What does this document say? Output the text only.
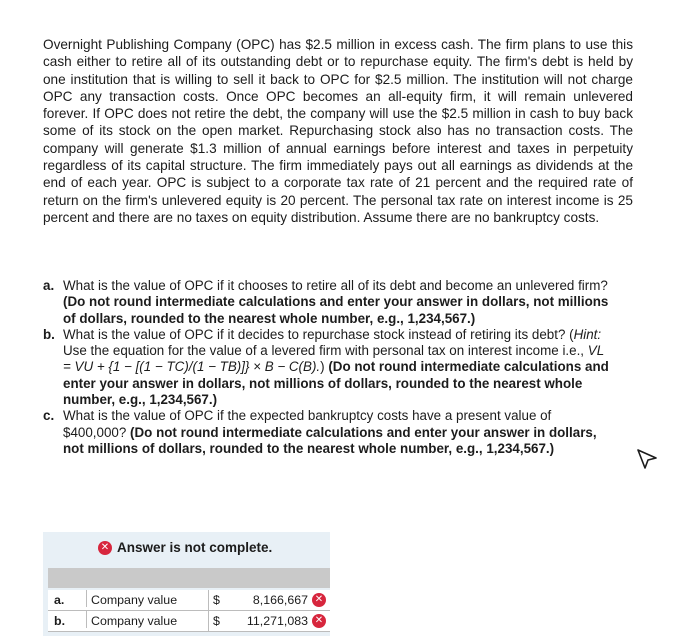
Overnight Publishing Company (OPC) has $2.5 million in excess cash. The firm plans to use this cash either to retire all of its outstanding debt or to repurchase equity. The firm's debt is held by one institution that is willing to sell it back to OPC for $2.5 million. The institution will not charge OPC any transaction costs. Once OPC becomes an all-equity firm, it will remain unlevered forever. If OPC does not retire the debt, the company will use the $2.5 million in cash to buy back some of its stock on the open market. Repurchasing stock also has no transaction costs. The company will generate $1.3 million of annual earnings before interest and taxes in perpetuity regardless of its capital structure. The firm immediately pays out all earnings as dividends at the end of each year. OPC is subject to a corporate tax rate of 21 percent and the required rate of return on the firm's unlevered equity is 20 percent. The personal tax rate on interest income is 25 percent and there are no taxes on equity distribution. Assume there are no bankruptcy costs.
a. What is the value of OPC if it chooses to retire all of its debt and become an unlevered firm? (Do not round intermediate calculations and enter your answer in dollars, not millions of dollars, rounded to the nearest whole number, e.g., 1,234,567.)
b. What is the value of OPC if it decides to repurchase stock instead of retiring its debt? (Hint: Use the equation for the value of a levered firm with personal tax on interest income i.e., VL = VU + {1 − [(1 − TC)/(1 − TB)]} × B − C(B).) (Do not round intermediate calculations and enter your answer in dollars, not millions of dollars, rounded to the nearest whole number, e.g., 1,234,567.)
c. What is the value of OPC if the expected bankruptcy costs have a present value of $400,000? (Do not round intermediate calculations and enter your answer in dollars, not millions of dollars, rounded to the nearest whole number, e.g., 1,234,567.)
✕ Answer is not complete.
a.	Company value	$	8,166,667 ✕
b.	Company value	$	11,271,083 ✕
